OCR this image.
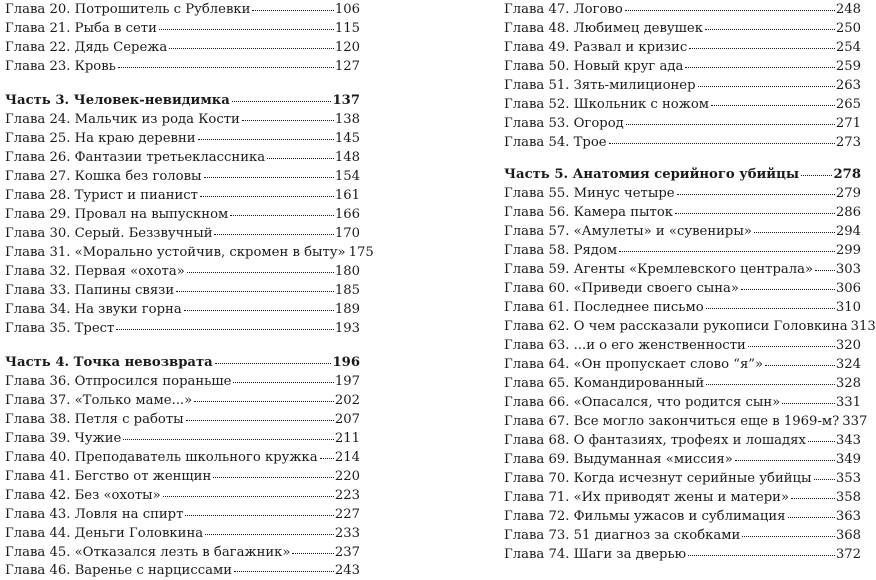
Глава 20. Потрошитель с Рублевки	106
Глава 21. Рыба в сети	115
Глава 22. Дядь Сережа	120
Глава 23. Кровь	127
Часть 3. Человек-невидимка	137
Глава 24. Мальчик из рода Кости	138
Глава 25. На краю деревни	145
Глава 26. Фантазии третьеклассника	148
Глава 27. Кошка без головы	154
Глава 28. Турист и пианист	161
Глава 29. Провал на выпускном	166
Глава 30. Серый. Беззвучный	170
Глава 31. «Морально устойчив, скромен в быту» 175
Глава 32. Первая «охота»	180
Глава 33. Папины связи	185
Глава 34. На звуки горна	189
Глава 35. Трест	193
Часть 4. Точка невозврата	196
Глава 36. Отпросился пораньше	197
Глава 37. «Только маме...»	202
Глава 38. Петля с работы	207
Глава 39. Чужие	211
Глава 40. Преподаватель школьного кружка 214
Глава 41. Бегство от женщин	220
Глава 42. Без «охоты»	223
Глава 43. Ловля на спирт	227
Глава 44. Деньги Головкина	233
Глава 45. «Отказался лезть в багажник»	237
Глава 46. Варенье с нарциссами	243
Глава 47. Логово	248
Глава 48. Любимец девушек	250
Глава 49. Развал и кризис	254
Глава 50. Новый круг ада	259
Глава 51. Зять-милиционер	263
Глава 52. Школьник с ножом	265
Глава 53. Огород	271
Глава 54. Трое	273
Часть 5. Анатомия серийного убийцы	278
Глава 55. Минус четыре	279
Глава 56. Камера пыток	286
Глава 57. «Амулеты» и «сувениры»	294
Глава 58. Рядом	299
Глава 59. Агенты «Кремлевского централа» 303
Глава 60. «Приведи своего сына»	306
Глава 61. Последнее письмо	310
Глава 62. О чем рассказали рукописи Головкина 313
Глава 63. ...и о его женственности	320
Глава 64. «Он пропускает слово “я”»	324
Глава 65. Командированный	328
Глава 66. «Опасался, что родится сын»	331
Глава 67. Все могло закончиться еще в 1969-м? 337
Глава 68. О фантазиях, трофеях и лошадях 343
Глава 69. Выдуманная «миссия»	349
Глава 70. Когда исчезнут серийные убийцы 353
Глава 71. «Их приводят жены и матери»	358
Глава 72. Фильмы ужасов и сублимация	363
Глава 73. 51 диагноз за скобками	368
Глава 74. Шаги за дверью	372
